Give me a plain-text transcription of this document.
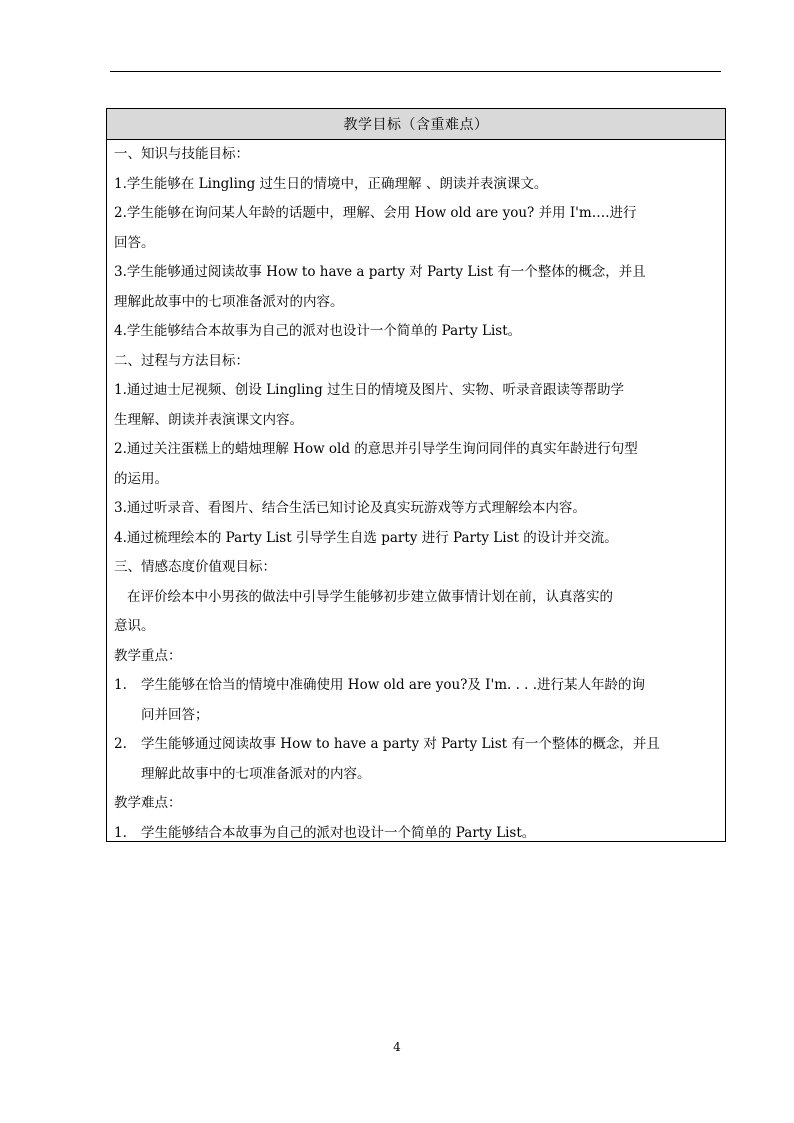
教学目标（含重难点）
一、知识与技能目标：
1.学生能够在 Lingling 过生日的情境中，正确理解 、朗读并表演课文。
2.学生能够在询问某人年龄的话题中，理解、会用 How old are you? 并用 I'm….进行
回答。
3.学生能够通过阅读故事 How to have a party 对 Party List 有一个整体的概念，并且
理解此故事中的七项准备派对的内容。
4.学生能够结合本故事为自己的派对也设计一个简单的 Party List。
二、过程与方法目标：
1.通过迪士尼视频、创设 Lingling 过生日的情境及图片、实物、听录音跟读等帮助学
生理解、朗读并表演课文内容。
2.通过关注蛋糕上的蜡烛理解 How old 的意思并引导学生询问同伴的真实年龄进行句型
的运用。
3.通过听录音、看图片、结合生活已知讨论及真实玩游戏等方式理解绘本内容。
4.通过梳理绘本的 Party List 引导学生自选 party 进行 Party List 的设计并交流。
三、情感态度价值观目标：
在评价绘本中小男孩的做法中引导学生能够初步建立做事情计划在前，认真落实的
意识。
教学重点：
1. 学生能够在恰当的情境中准确使用 How old are you?及 I'm. . . .进行某人年龄的询
问并回答；
2. 学生能够通过阅读故事 How to have a party 对 Party List 有一个整体的概念，并且
理解此故事中的七项准备派对的内容。
教学难点：
1. 学生能够结合本故事为自己的派对也设计一个简单的 Party List。
4
